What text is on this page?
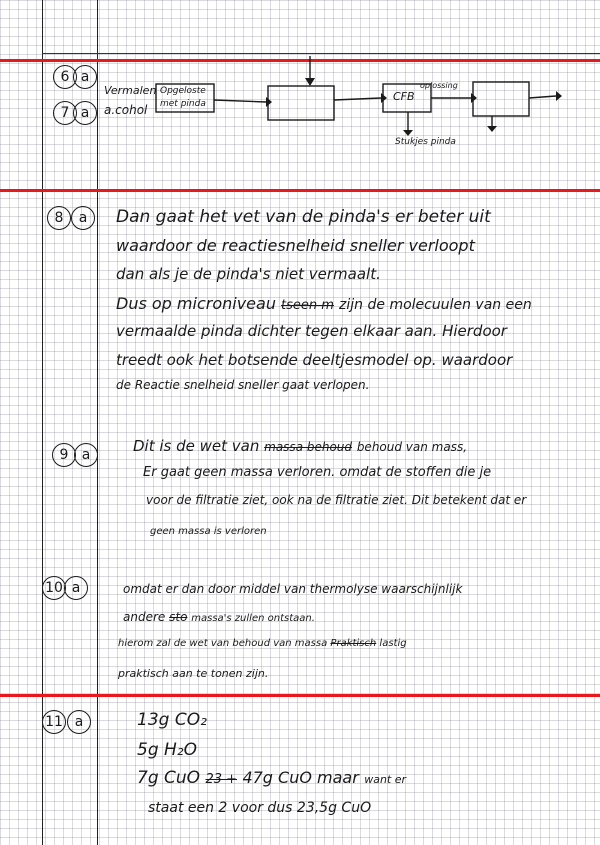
6 a
7 a
Vermalen
a.cohol
Opgeloste
met pinda
CFB
oplossing
Stukjes pinda
8	a	Dan gaat het vet van de pinda's er beter uit
waardoor de reactiesnelheid sneller verloopt
dan als je de pinda's niet vermaalt.
Dus op microniveau tseen m zijn de molecuulen van een
vermaalde pinda dichter tegen elkaar aan. Hierdoor
treedt ook het botsende deeltjesmodel op. waardoor
de Reactie snelheid sneller gaat verlopen.
9 a	Dit is de wet van massa behoud behoud van mass,
Er gaat geen massa verloren. omdat de stoffen die je
voor de filtratie ziet, ook na de filtratie ziet. Dit betekent dat er
geen massa is verloren
10 a	omdat er dan door middel van thermolyse waarschijnlijk
andere sto massa's zullen ontstaan.
hierom zal de wet van behoud van massa Praktisch lastig
praktisch aan te tonen zijn.
11 a	13g CO₂
5g H₂O
7g CuO 23 + 47g CuO maar want er
staat een 2 voor dus 23,5g CuO
